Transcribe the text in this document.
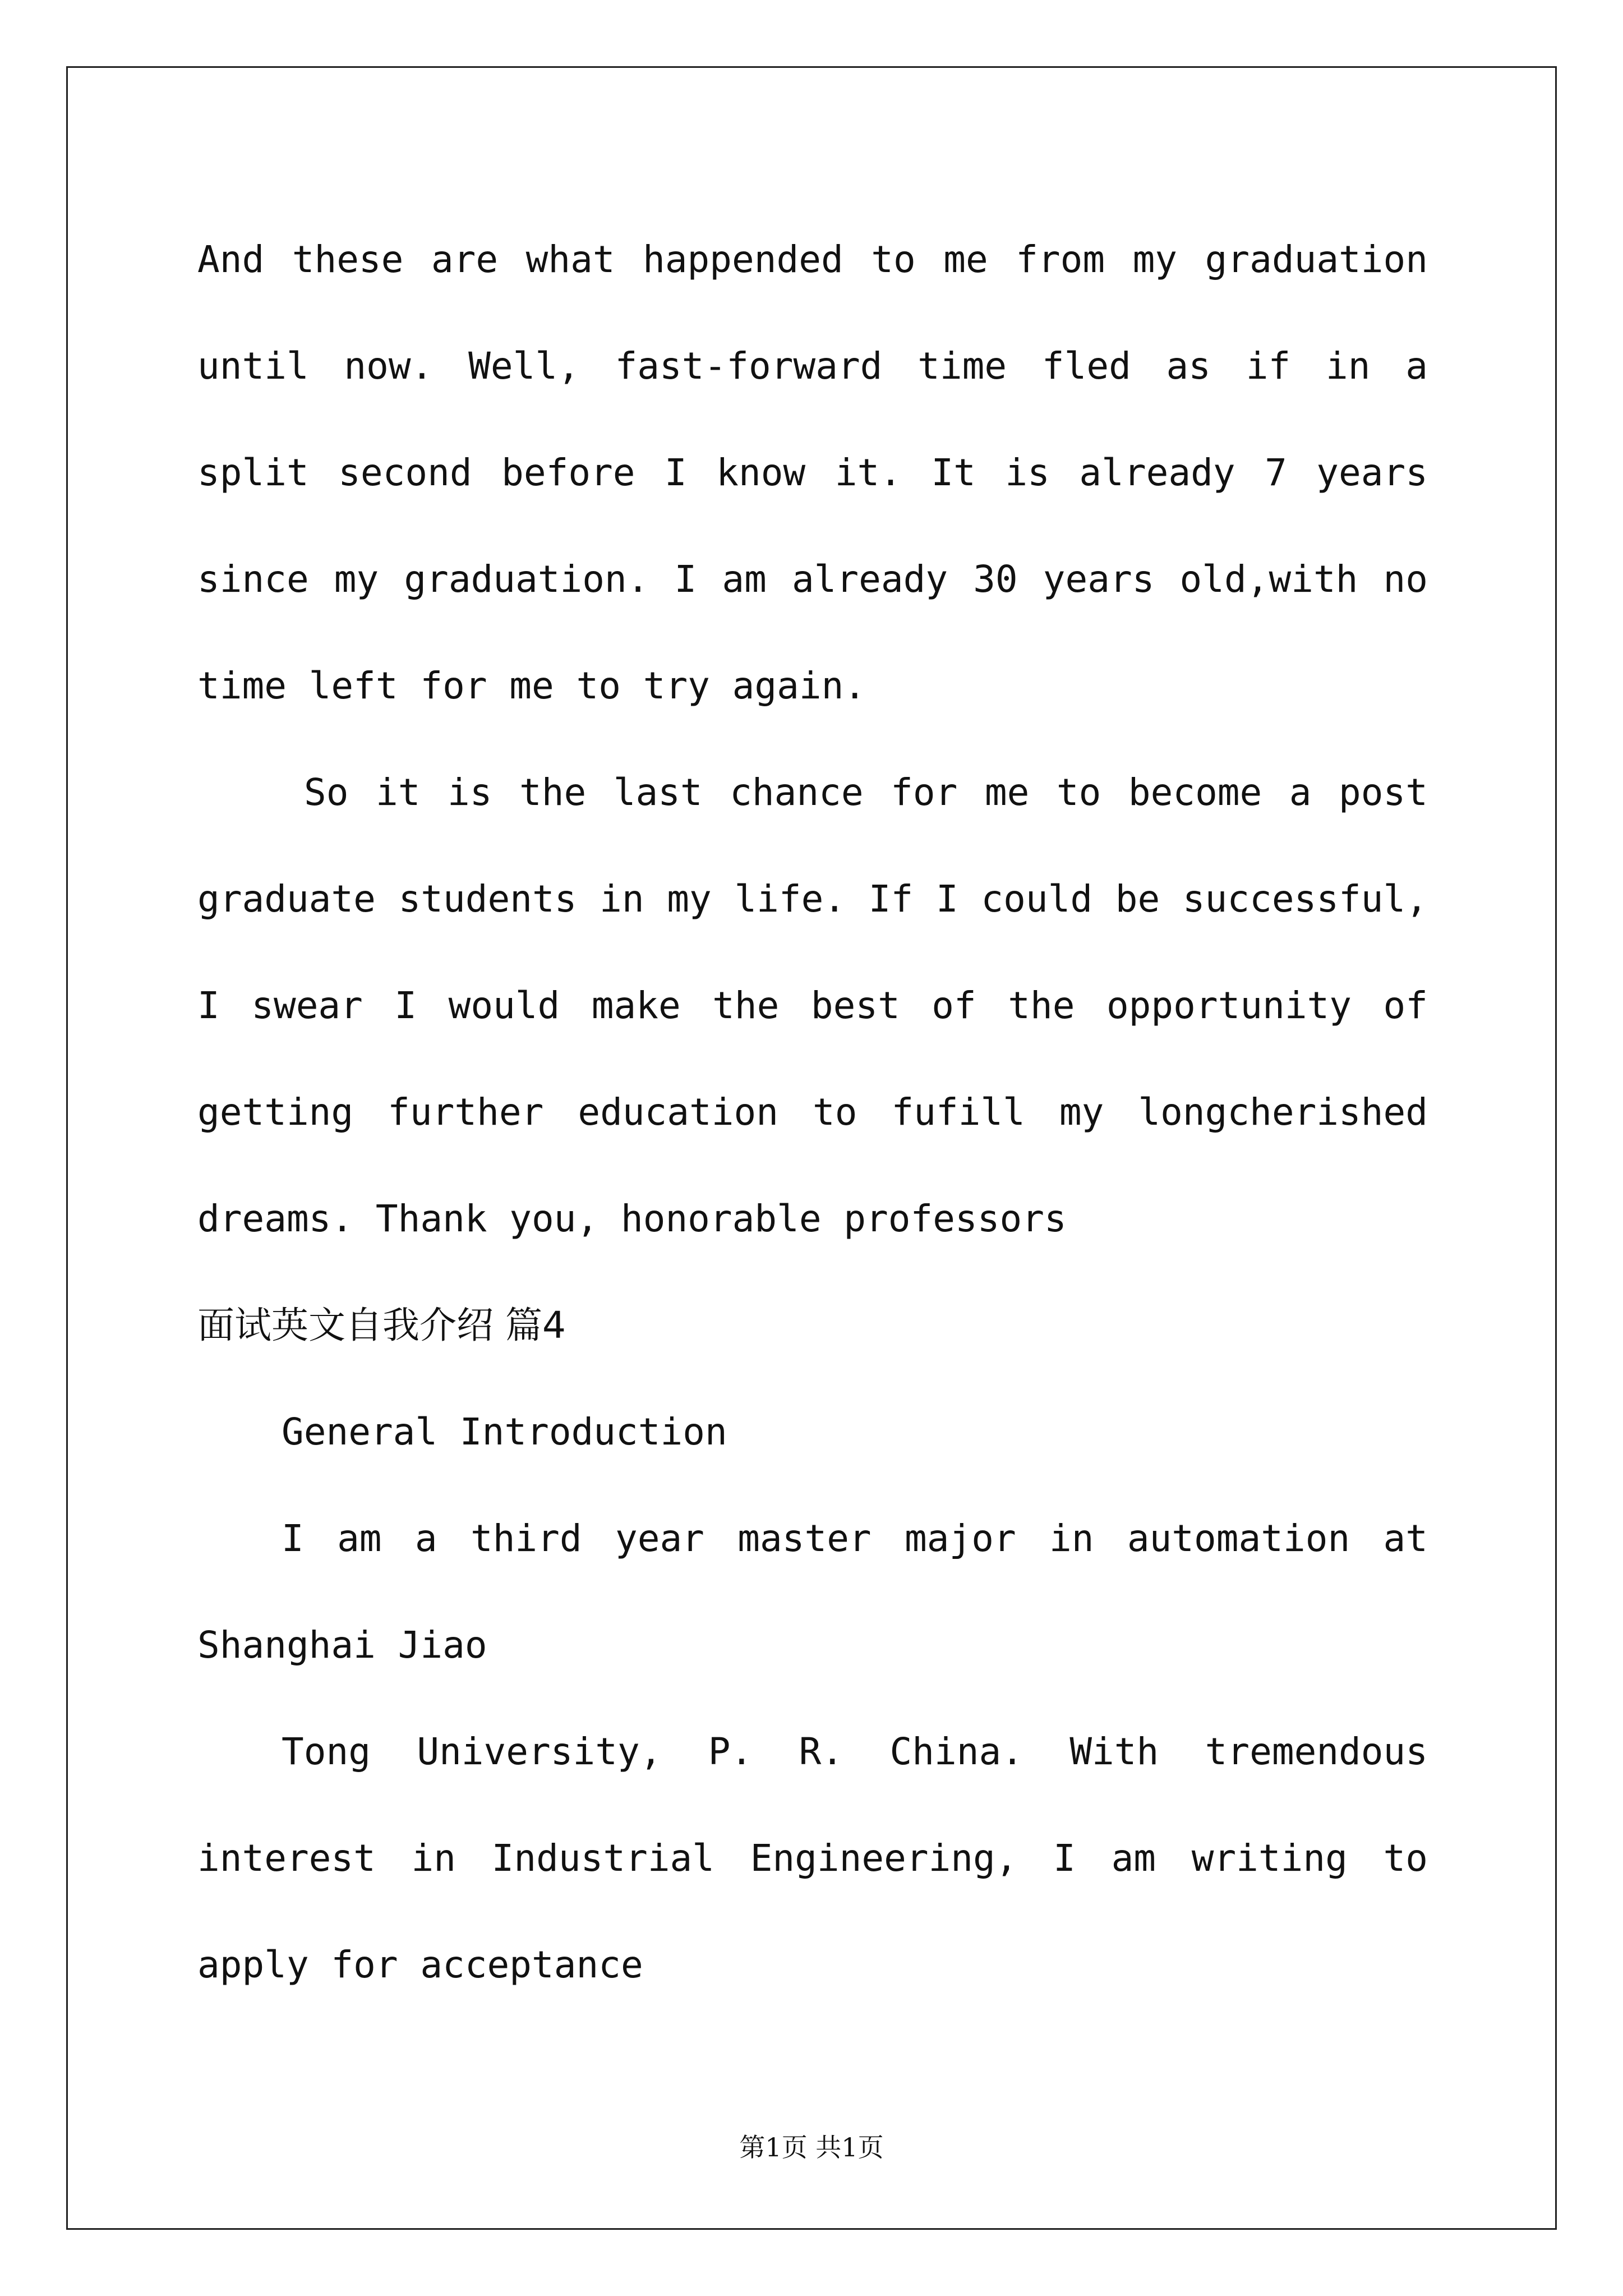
And these are what happended to me from my graduation until now. Well, fast-forward time fled as if in a split second before I know it. It is already 7 years since my graduation. I am already 30 years old,with no time left for me to try again.

So it is the last chance for me to become a post graduate students in my life. If I could be successful, I swear I would make the best of the opportunity of getting further education to fufill my longcherished dreams. Thank you, honorable professors

面试英文自我介绍 篇4

General Introduction

I am a third year master major in automation at Shanghai Jiao

Tong University, P. R. China. With tremendous interest in Industrial Engineering, I am writing to apply for acceptance

第1页 共1页
